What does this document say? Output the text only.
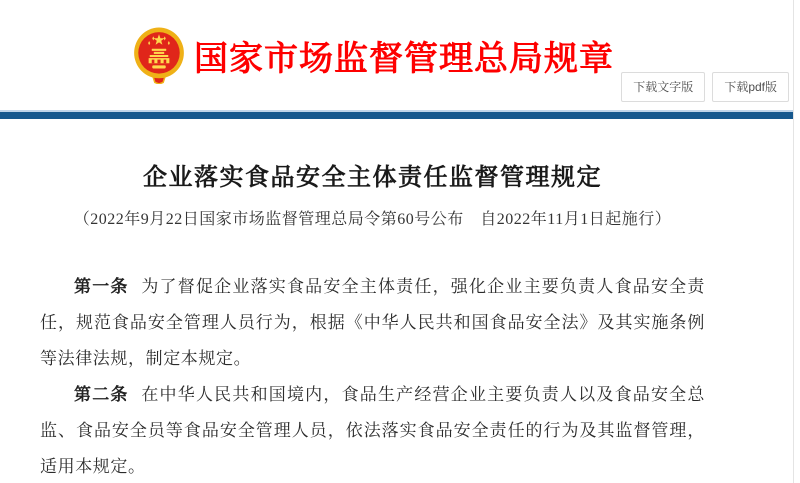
国家市场监督管理总局规章
下载文字版	下载pdf版
企业落实食品安全主体责任监督管理规定
（2022年9月22日国家市场监督管理总局令第60号公布　自2022年11月1日起施行）

第一条 为了督促企业落实食品安全主体责任，强化企业主要负责人食品安全责任，规范食品安全管理人员行为，根据《中华人民共和国食品安全法》及其实施条例等法律法规，制定本规定。

第二条 在中华人民共和国境内，食品生产经营企业主要负责人以及食品安全总监、食品安全员等食品安全管理人员，依法落实食品安全责任的行为及其监督管理，适用本规定。
